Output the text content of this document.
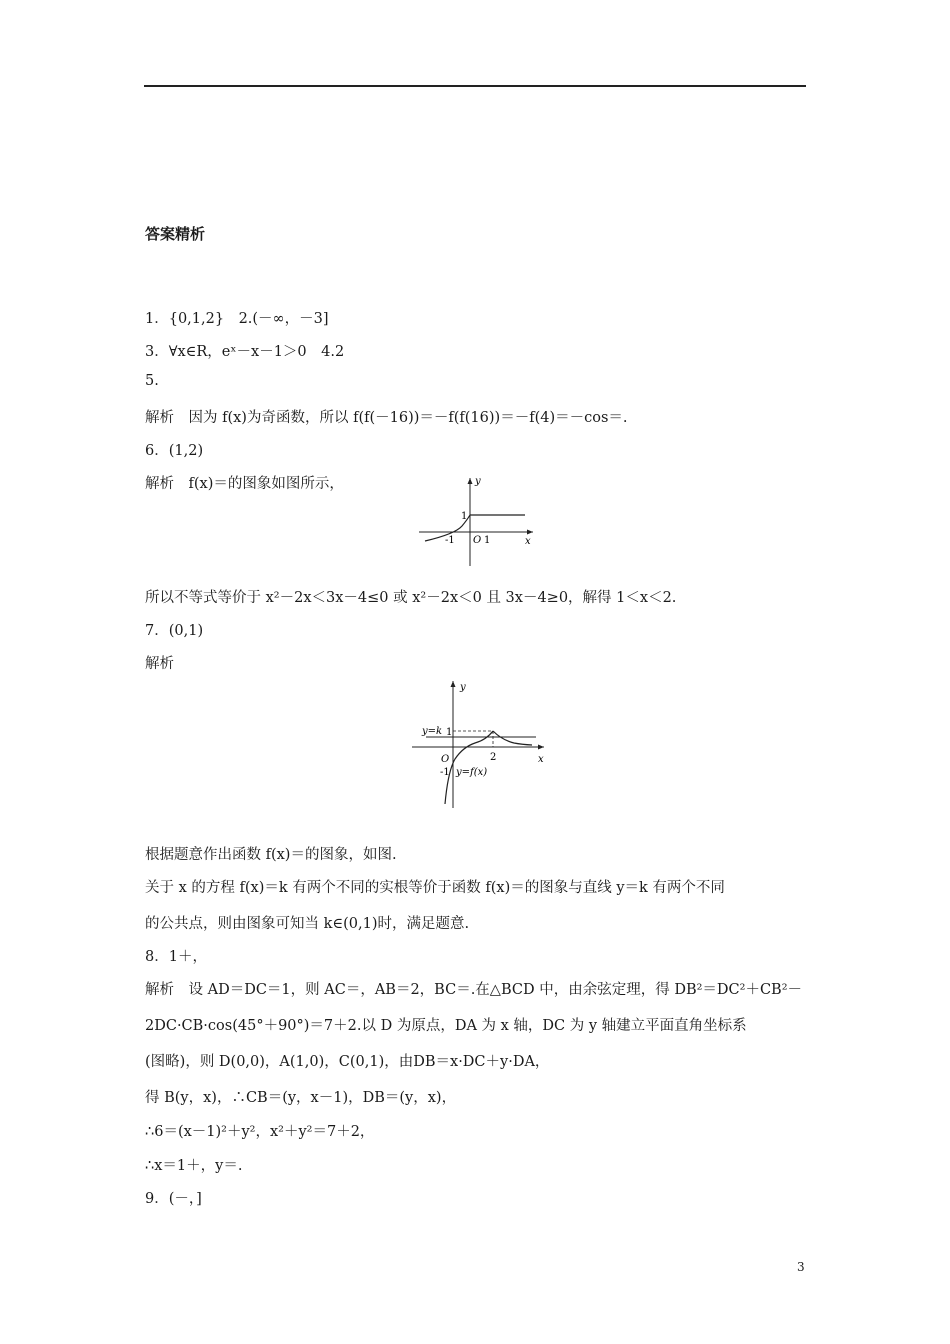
答案精析
1．{0,1,2}　2.(－∞，－3]
3．∀x∈R，eˣ－x－1＞0　4.2
5.
解析　因为 f(x)为奇函数，所以 f(f(－16))＝－f(f(16))＝－f(4)＝－cos＝.
6．(1,2)
解析　f(x)＝的图象如图所示，	y
x
1
-1 O 1
所以不等式等价于 x²－2x＜3x－4≤0 或 x²－2x＜0 且 3x－4≥0，解得 1＜x＜2.
7．(0,1)
解析
y
x
y=k 1
O	2
-1 y=f(x)
根据题意作出函数 f(x)＝的图象，如图.
关于 x 的方程 f(x)＝k 有两个不同的实根等价于函数 f(x)＝的图象与直线 y＝k 有两个不同
的公共点，则由图象可知当 k∈(0,1)时，满足题意.
8．1＋，
解析　设 AD＝DC＝1，则 AC＝，AB＝2，BC＝.在△BCD 中，由余弦定理，得 DB²＝DC²＋CB²－
2DC·CB·cos(45°＋90°)＝7＋2.以 D 为原点，DA 为 x 轴，DC 为 y 轴建立平面直角坐标系
(图略)，则 D(0,0)，A(1,0)，C(0,1)，由DB＝x·DC＋y·DA，
得 B(y，x)，∴CB＝(y，x－1)，DB＝(y，x)，
∴6＝(x－1)²＋y²，x²＋y²＝7＋2，
∴x＝1＋，y＝.
9．(－，]
3
